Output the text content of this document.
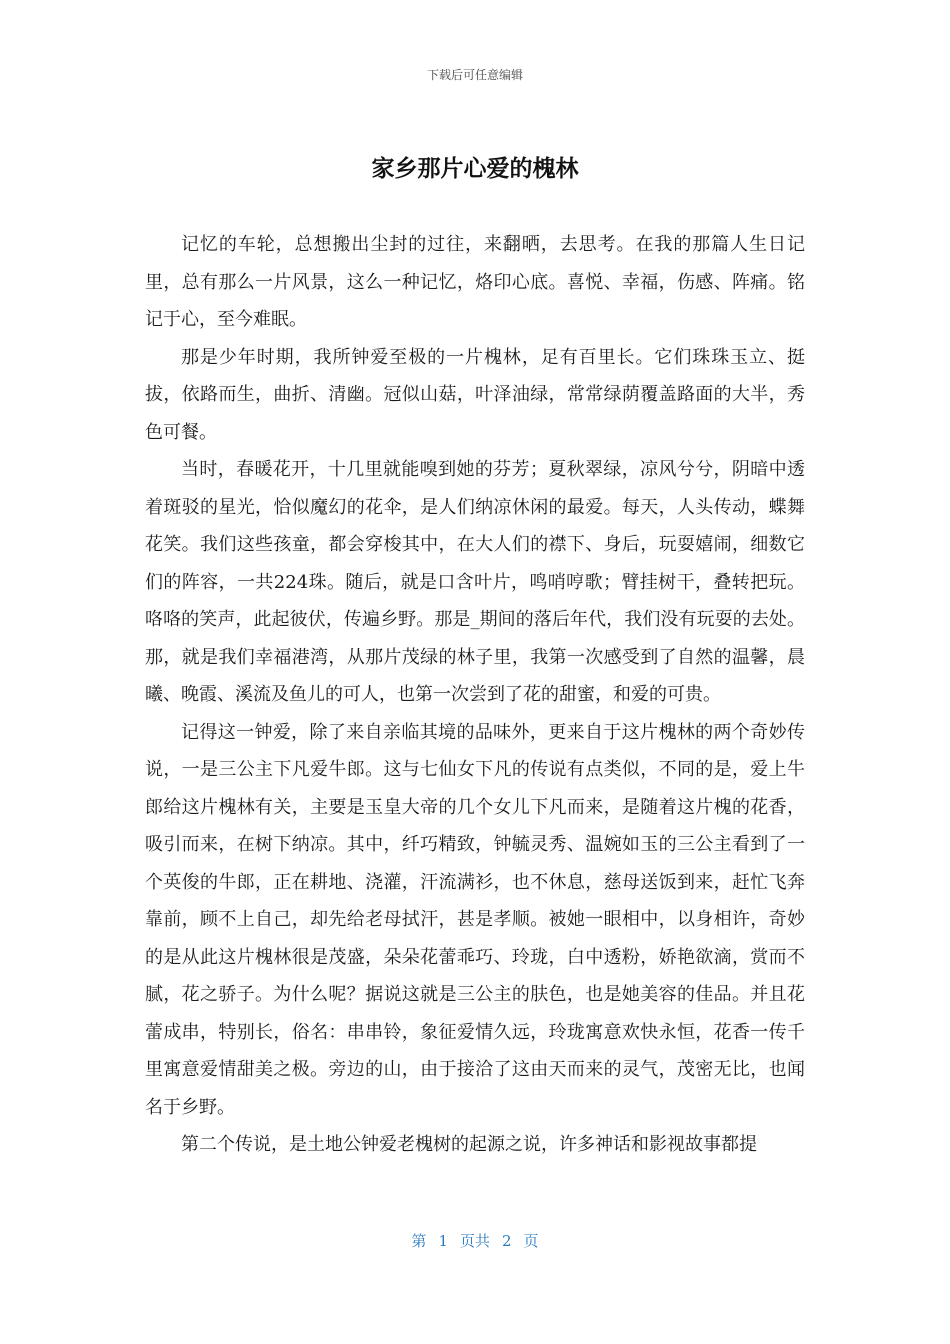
下载后可任意编辑
家乡那片心爱的槐林

记忆的车轮，总想搬出尘封的过往，来翻晒，去思考。在我的那篇人生日记里，总有那么一片风景，这么一种记忆，烙印心底。喜悦、幸福，伤感、阵痛。铭记于心，至今难眠。

那是少年时期，我所钟爱至极的一片槐林，足有百里长。它们珠珠玉立、挺拔，依路而生，曲折、清幽。冠似山菇，叶泽油绿，常常绿荫覆盖路面的大半，秀色可餐。

当时，春暖花开，十几里就能嗅到她的芬芳；夏秋翠绿，凉风兮兮，阴暗中透着斑驳的星光，恰似魔幻的花伞，是人们纳凉休闲的最爱。每天，人头传动，蝶舞花笑。我们这些孩童，都会穿梭其中，在大人们的襟下、身后，玩耍嬉闹，细数它们的阵容，一共224珠。随后，就是口含叶片，鸣哨哼歌；臂挂树干，叠转把玩。咯咯的笑声，此起彼伏，传遍乡野。那是_期间的落后年代，我们没有玩耍的去处。那，就是我们幸福港湾，从那片茂绿的林子里，我第一次感受到了自然的温馨，晨曦、晚霞、溪流及鱼儿的可人，也第一次尝到了花的甜蜜，和爱的可贵。

记得这一钟爱，除了来自亲临其境的品味外，更来自于这片槐林的两个奇妙传说，一是三公主下凡爱牛郎。这与七仙女下凡的传说有点类似，不同的是，爱上牛郎给这片槐林有关，主要是玉皇大帝的几个女儿下凡而来，是随着这片槐的花香，吸引而来，在树下纳凉。其中，纤巧精致，钟毓灵秀、温婉如玉的三公主看到了一个英俊的牛郎，正在耕地、浇灌，汗流满衫，也不休息，慈母送饭到来，赶忙飞奔靠前，顾不上自己，却先给老母拭汗，甚是孝顺。被她一眼相中，以身相许，奇妙的是从此这片槐林很是茂盛，朵朵花蕾乖巧、玲珑，白中透粉，娇艳欲滴，赏而不腻，花之骄子。为什么呢？据说这就是三公主的肤色，也是她美容的佳品。并且花蕾成串，特别长，俗名：串串铃，象征爱情久远，玲珑寓意欢快永恒，花香一传千里寓意爱情甜美之极。旁边的山，由于接洽了这由天而来的灵气，茂密无比，也闻名于乡野。

第二个传说，是土地公钟爱老槐树的起源之说，许多神话和影视故事都提

第 1 页共 2 页
